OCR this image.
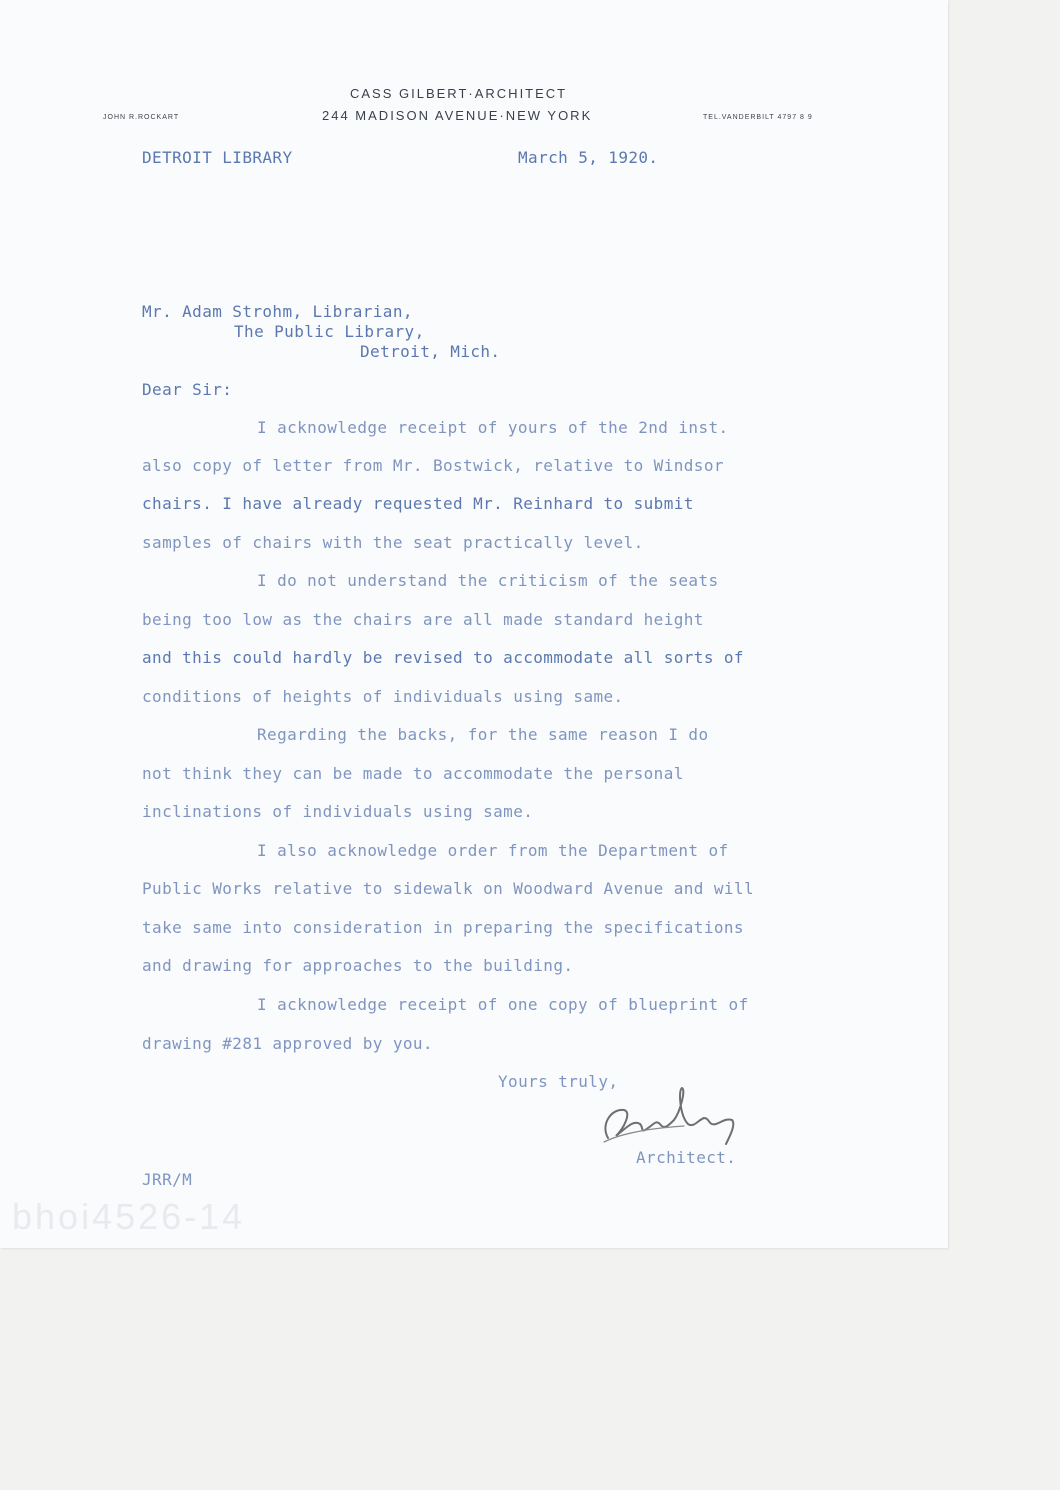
CASS GILBERT·ARCHITECT
244 MADISON AVENUE·NEW YORK
JOHN R.ROCKART	TEL.VANDERBILT 4797 8 9
DETROIT LIBRARY	March 5, 1920.
Mr. Adam Strohm, Librarian,
The Public Library,
Detroit, Mich.
Dear Sir:
I acknowledge receipt of yours of the 2nd inst.
also copy of letter from Mr. Bostwick, relative to Windsor
chairs. I have already requested Mr. Reinhard to submit
samples of chairs with the seat practically level.
I do not understand the criticism of the seats
being too low as the chairs are all made standard height
and this could hardly be revised to accommodate all sorts of
conditions of heights of individuals using same.
Regarding the backs, for the same reason I do
not think they can be made to accommodate the personal
inclinations of individuals using same.
I also acknowledge order from the Department of
Public Works relative to sidewalk on Woodward Avenue and will
take same into consideration in preparing the specifications
and drawing for approaches to the building.
I acknowledge receipt of one copy of blueprint of
drawing #281 approved by you.
Yours truly,
Architect.
JRR/M
bhoi4526-14
